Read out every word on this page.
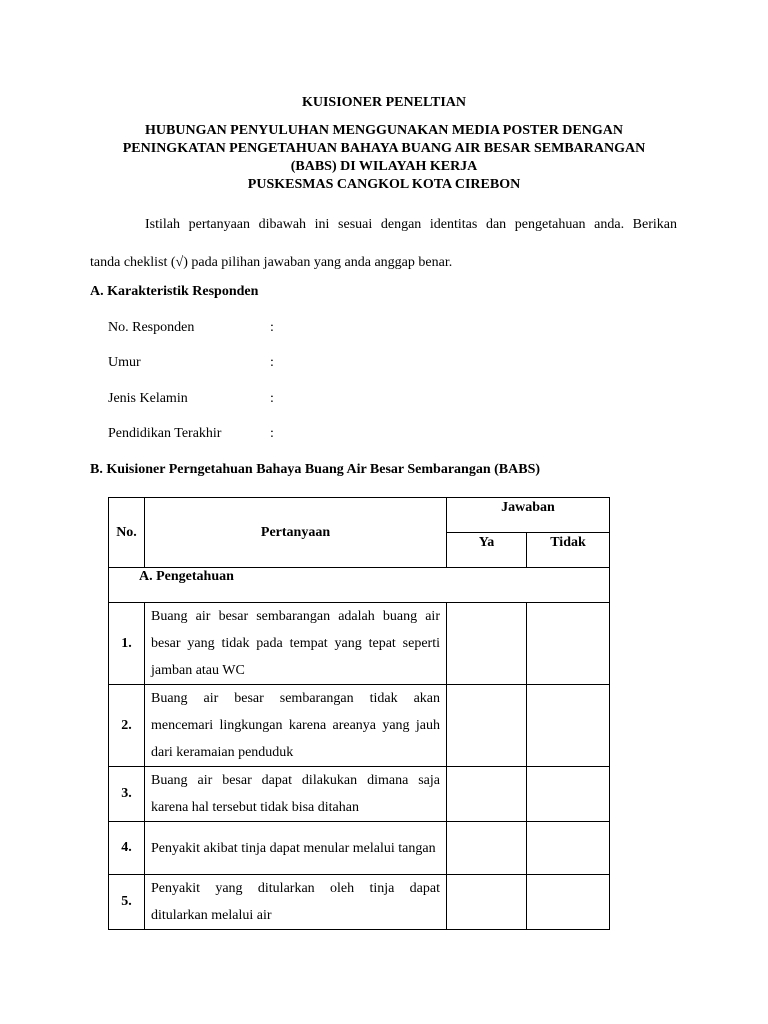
KUISIONER PENELTIAN
HUBUNGAN PENYULUHAN MENGGUNAKAN MEDIA POSTER DENGAN
PENINGKATAN PENGETAHUAN BAHAYA BUANG AIR BESAR SEMBARANGAN
(BABS) DI WILAYAH KERJA
PUSKESMAS CANGKOL KOTA CIREBON
Istilah pertanyaan dibawah ini sesuai dengan identitas dan pengetahuan anda. Berikan
tanda cheklist (√) pada pilihan jawaban yang anda anggap benar.
A. Karakteristik Responden
No. Responden	:
Umur	:
Jenis Kelamin	:
Pendidikan Terakhir	:
B. Kuisioner Perngetahuan Bahaya Buang Air Besar Sembarangan (BABS)
No.	Pertanyaan	Jawaban	
		Ya	Tidak
A. Pengetahuan			
1.	Buang air besar sembarangan adalah buang air besar yang tidak pada tempat yang tepat seperti jamban atau WC		
2.	Buang air besar sembarangan tidak akan mencemari lingkungan karena areanya yang jauh dari keramaian penduduk		
3.	Buang air besar dapat dilakukan dimana saja karena hal tersebut tidak bisa ditahan		
4.	Penyakit akibat tinja dapat menular melalui tangan		
5.	Penyakit yang ditularkan oleh tinja dapat ditularkan melalui air		
